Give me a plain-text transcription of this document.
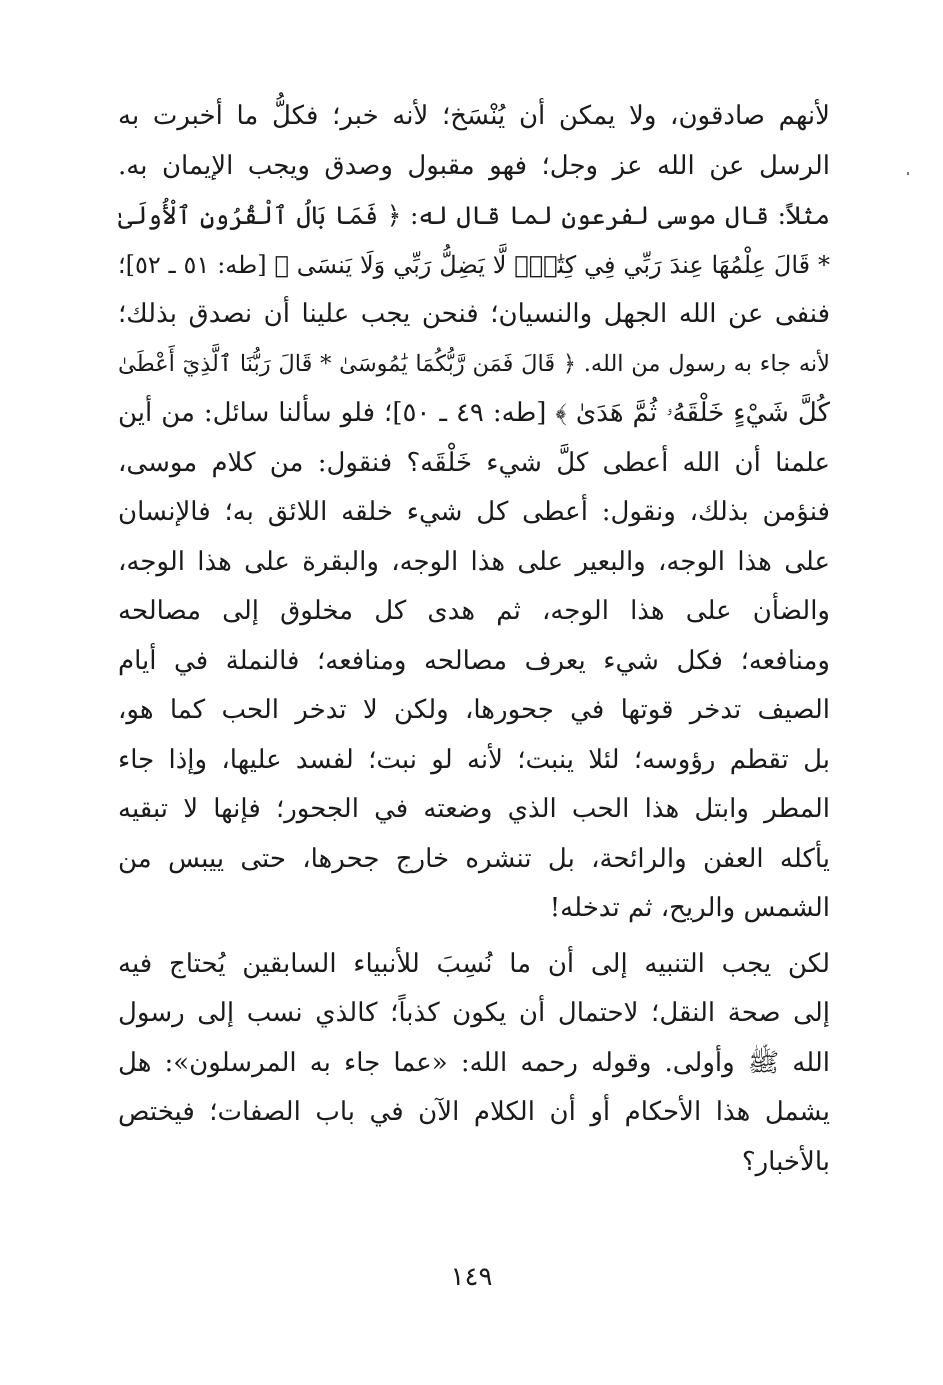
لأنهم صادقون، ولا يمكن أن يُنْسَخ؛ لأنه خبر؛ فكلُّ ما أخبرت به
الرسل عن الله عز وجل؛ فهو مقبول وصدق ويجب الإيمان به.
مثلاً: قال موسى لفرعون لما قال له: ﴿ فَمَا بَالُ ٱلْقُرُونِ ٱلْأُولَىٰ
* قَالَ عِلْمُهَا عِندَ رَبِّي فِي كِتَٰبٍۖ لَّا يَضِلُّ رَبِّي وَلَا يَنسَى ﴾ [طه: ٥١ ـ ٥٢]؛
فنفى عن الله الجهل والنسيان؛ فنحن يجب علينا أن نصدق بذلك؛
لأنه جاء به رسول من الله. ﴿ قَالَ فَمَن رَّبُّكُمَا يَٰمُوسَىٰ * قَالَ رَبُّنَا ٱلَّذِيٓ أَعْطَىٰ
كُلَّ شَيْءٍ خَلْقَهُۥ ثُمَّ هَدَىٰ ﴾ [طه: ٤٩ ـ ٥٠]؛ فلو سألنا سائل: من أين
علمنا أن الله أعطى كلَّ شيء خَلْقَه؟ فنقول: من كلام موسى،
فنؤمن بذلك، ونقول: أعطى كل شيء خلقه اللائق به؛ فالإنسان
على هذا الوجه، والبعير على هذا الوجه، والبقرة على هذا الوجه،
والضأن على هذا الوجه، ثم هدى كل مخلوق إلى مصالحه
ومنافعه؛ فكل شيء يعرف مصالحه ومنافعه؛ فالنملة في أيام
الصيف تدخر قوتها في جحورها، ولكن لا تدخر الحب كما هو،
بل تقطم رؤوسه؛ لئلا ينبت؛ لأنه لو نبت؛ لفسد عليها، وإذا جاء
المطر وابتل هذا الحب الذي وضعته في الجحور؛ فإنها لا تبقيه
يأكله العفن والرائحة، بل تنشره خارج جحرها، حتى ييبس من
الشمس والريح، ثم تدخله!
لكن يجب التنبيه إلى أن ما نُسِبَ للأنبياء السابقين يُحتاج فيه
إلى صحة النقل؛ لاحتمال أن يكون كذباً؛ كالذي نسب إلى رسول
الله ﷺ وأولى. وقوله رحمه الله: «عما جاء به المرسلون»: هل
يشمل هذا الأحكام أو أن الكلام الآن في باب الصفات؛ فيختص
بالأخبار؟
١٤٩
